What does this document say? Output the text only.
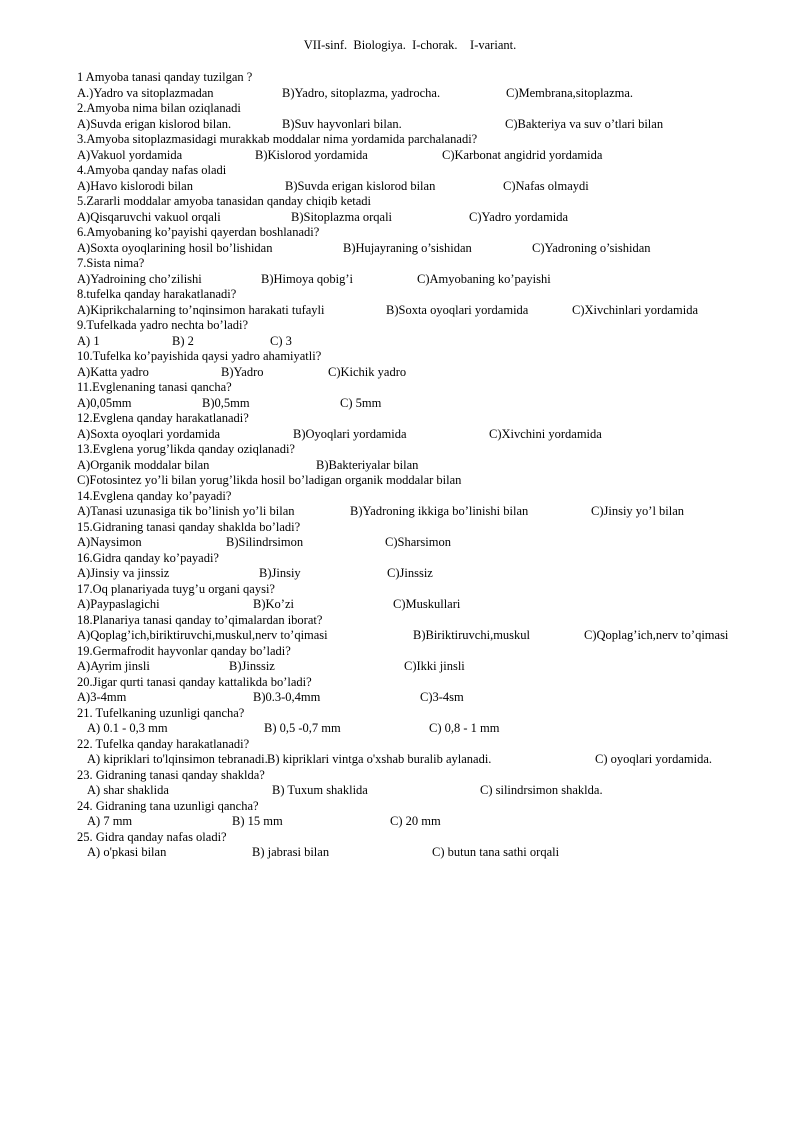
VII-sinf.  Biologiya.  I-chorak.    I-variant.
1 Amyoba tanasi qanday tuzilgan ?
A.)Yadro va sitoplazmadan	B)Yadro, sitoplazma, yadrocha.	C)Membrana,sitoplazma.
2.Amyoba nima bilan oziqlanadi
A)Suvda erigan kislorod bilan.	B)Suv hayvonlari bilan.	C)Bakteriya va suv o’tlari bilan
3.Amyoba sitoplazmasidagi murakkab moddalar nima yordamida parchalanadi?
A)Vakuol yordamida	B)Kislorod yordamida	C)Karbonat angidrid yordamida
4.Amyoba qanday nafas oladi
A)Havo kislorodi bilan	B)Suvda erigan kislorod bilan	C)Nafas olmaydi
5.Zararli moddalar amyoba tanasidan qanday chiqib ketadi
A)Qisqaruvchi vakuol orqali	B)Sitoplazma orqali	C)Yadro yordamida
6.Amyobaning ko’payishi qayerdan boshlanadi?
A)Soxta oyoqlarining hosil bo’lishidan	B)Hujayraning o’sishidan	C)Yadroning o’sishidan
7.Sista nima?
A)Yadroining cho’zilishi	B)Himoya qobig’i	C)Amyobaning ko’payishi
8.tufelka qanday harakatlanadi?
A)Kiprikchalarning to’nqinsimon harakati tufayli	B)Soxta oyoqlari yordamida	C)Xivchinlari yordamida
9.Tufelkada yadro nechta bo’ladi?
A) 1	B) 2	C) 3
10.Tufelka ko’payishida qaysi yadro ahamiyatli?
A)Katta yadro	B)Yadro	C)Kichik yadro
11.Evglenaning tanasi qancha?
A)0,05mm	B)0,5mm	C) 5mm
12.Evglena qanday harakatlanadi?
A)Soxta oyoqlari yordamida	B)Oyoqlari yordamida	C)Xivchini yordamida
13.Evglena yorug’likda qanday oziqlanadi?
A)Organik moddalar bilan	B)Bakteriyalar bilan
C)Fotosintez yo’li bilan yorug’likda hosil bo’ladigan organik moddalar bilan
14.Evglena qanday ko’payadi?
A)Tanasi uzunasiga tik bo’linish yo’li bilan	B)Yadroning ikkiga bo’linishi bilan	C)Jinsiy yo’l bilan
15.Gidraning tanasi qanday shaklda bo’ladi?
A)Naysimon	B)Silindrsimon	C)Sharsimon
16.Gidra qanday ko’payadi?
A)Jinsiy va jinssiz	B)Jinsiy	C)Jinssiz
17.Oq planariyada tuyg’u organi qaysi?
A)Paypaslagichi	B)Ko’zi	C)Muskullari
18.Planariya tanasi qanday to’qimalardan iborat?
A)Qoplag’ich,biriktiruvchi,muskul,nerv to’qimasi	B)Biriktiruvchi,muskul	C)Qoplag’ich,nerv to’qimasi
19.Germafrodit hayvonlar qanday bo’ladi?
A)Ayrim jinsli	B)Jinssiz	C)Ikki jinsli
20.Jigar qurti tanasi qanday kattalikda bo’ladi?
A)3-4mm	B)0.3-0,4mm	C)3-4sm
21. Tufelkaning uzunligi qancha?
A) 0.1 - 0,3 mm	B) 0,5 -0,7 mm	C) 0,8 - 1 mm
22. Tufelka qanday harakatlanadi?
A) kipriklari to'lqinsimon tebranadi. B) kipriklari vintga o'xshab buralib aylanadi.	C) oyoqlari yordamida.
23. Gidraning tanasi qanday shaklda?
A) shar shaklida	B) Tuxum shaklida	C) silindrsimon shaklda.
24. Gidraning tana uzunligi qancha?
A) 7 mm	B) 15 mm	C) 20 mm
25. Gidra qanday nafas oladi?
A) o'pkasi bilan	B) jabrasi bilan	C) butun tana sathi orqali
